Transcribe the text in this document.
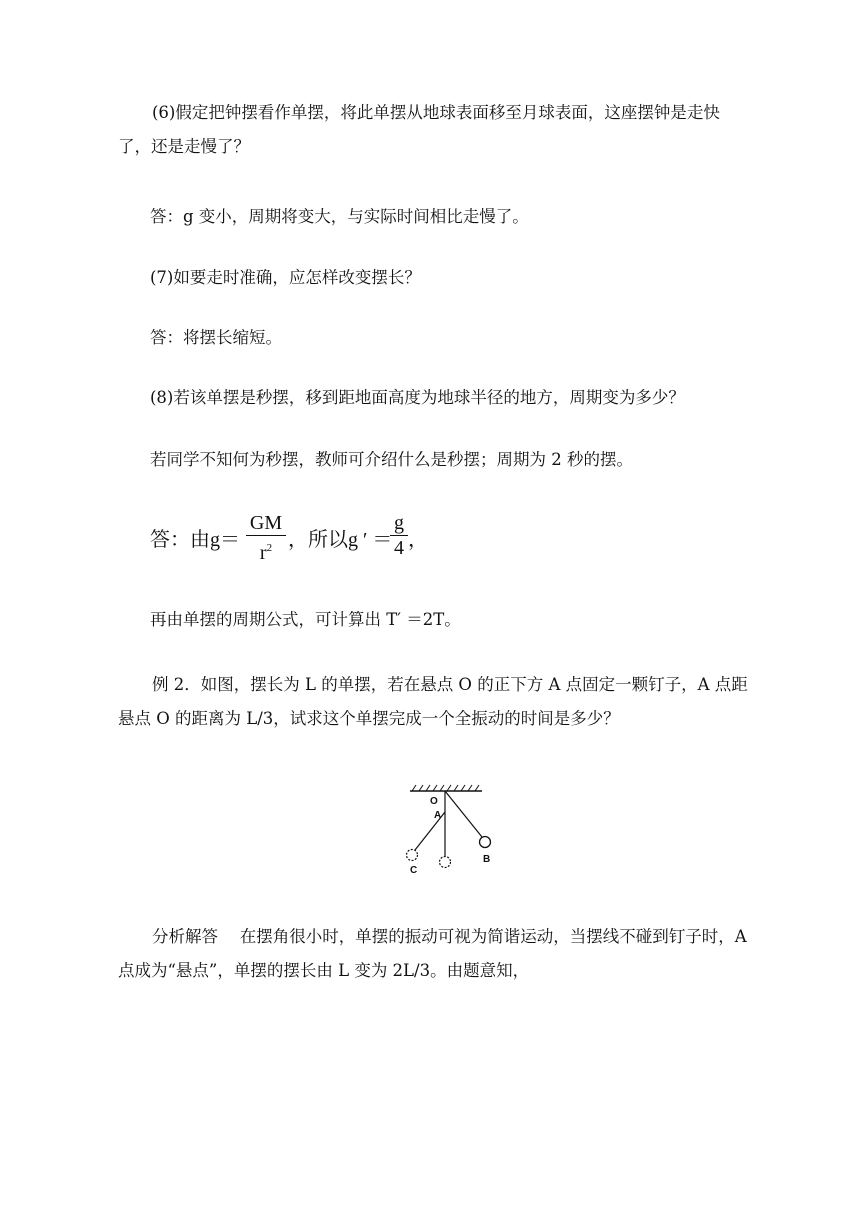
(6)假定把钟摆看作单摆，将此单摆从地球表面移至月球表面，这座摆钟是走快了，还是走慢了？

答：g 变小，周期将变大，与实际时间相比走慢了。
(7)如要走时准确，应怎样改变摆长？
答：将摆长缩短。
(8)若该单摆是秒摆，移到距地面高度为地球半径的地方，周期变为多少？
若同学不知何为秒摆，教师可介绍什么是秒摆；周期为 2 秒的摆。
答：由g＝
GM
$r^2$ ，所以g ′ ＝
g
4 ，
再由单摆的周期公式，可计算出 T′ ＝2T。

例 2．如图，摆长为 L 的单摆，若在悬点 O 的正下方 A 点固定一颗钉子，A 点距悬点 O 的距离为 L/3，试求这个单摆完成一个全振动的时间是多少？

O
A
B
C

分析解答　 在摆角很小时，单摆的振动可视为简谐运动，当摆线不碰到钉子时，A 点成为“悬点”，单摆的摆长由 L 变为 2L/3。由题意知，
